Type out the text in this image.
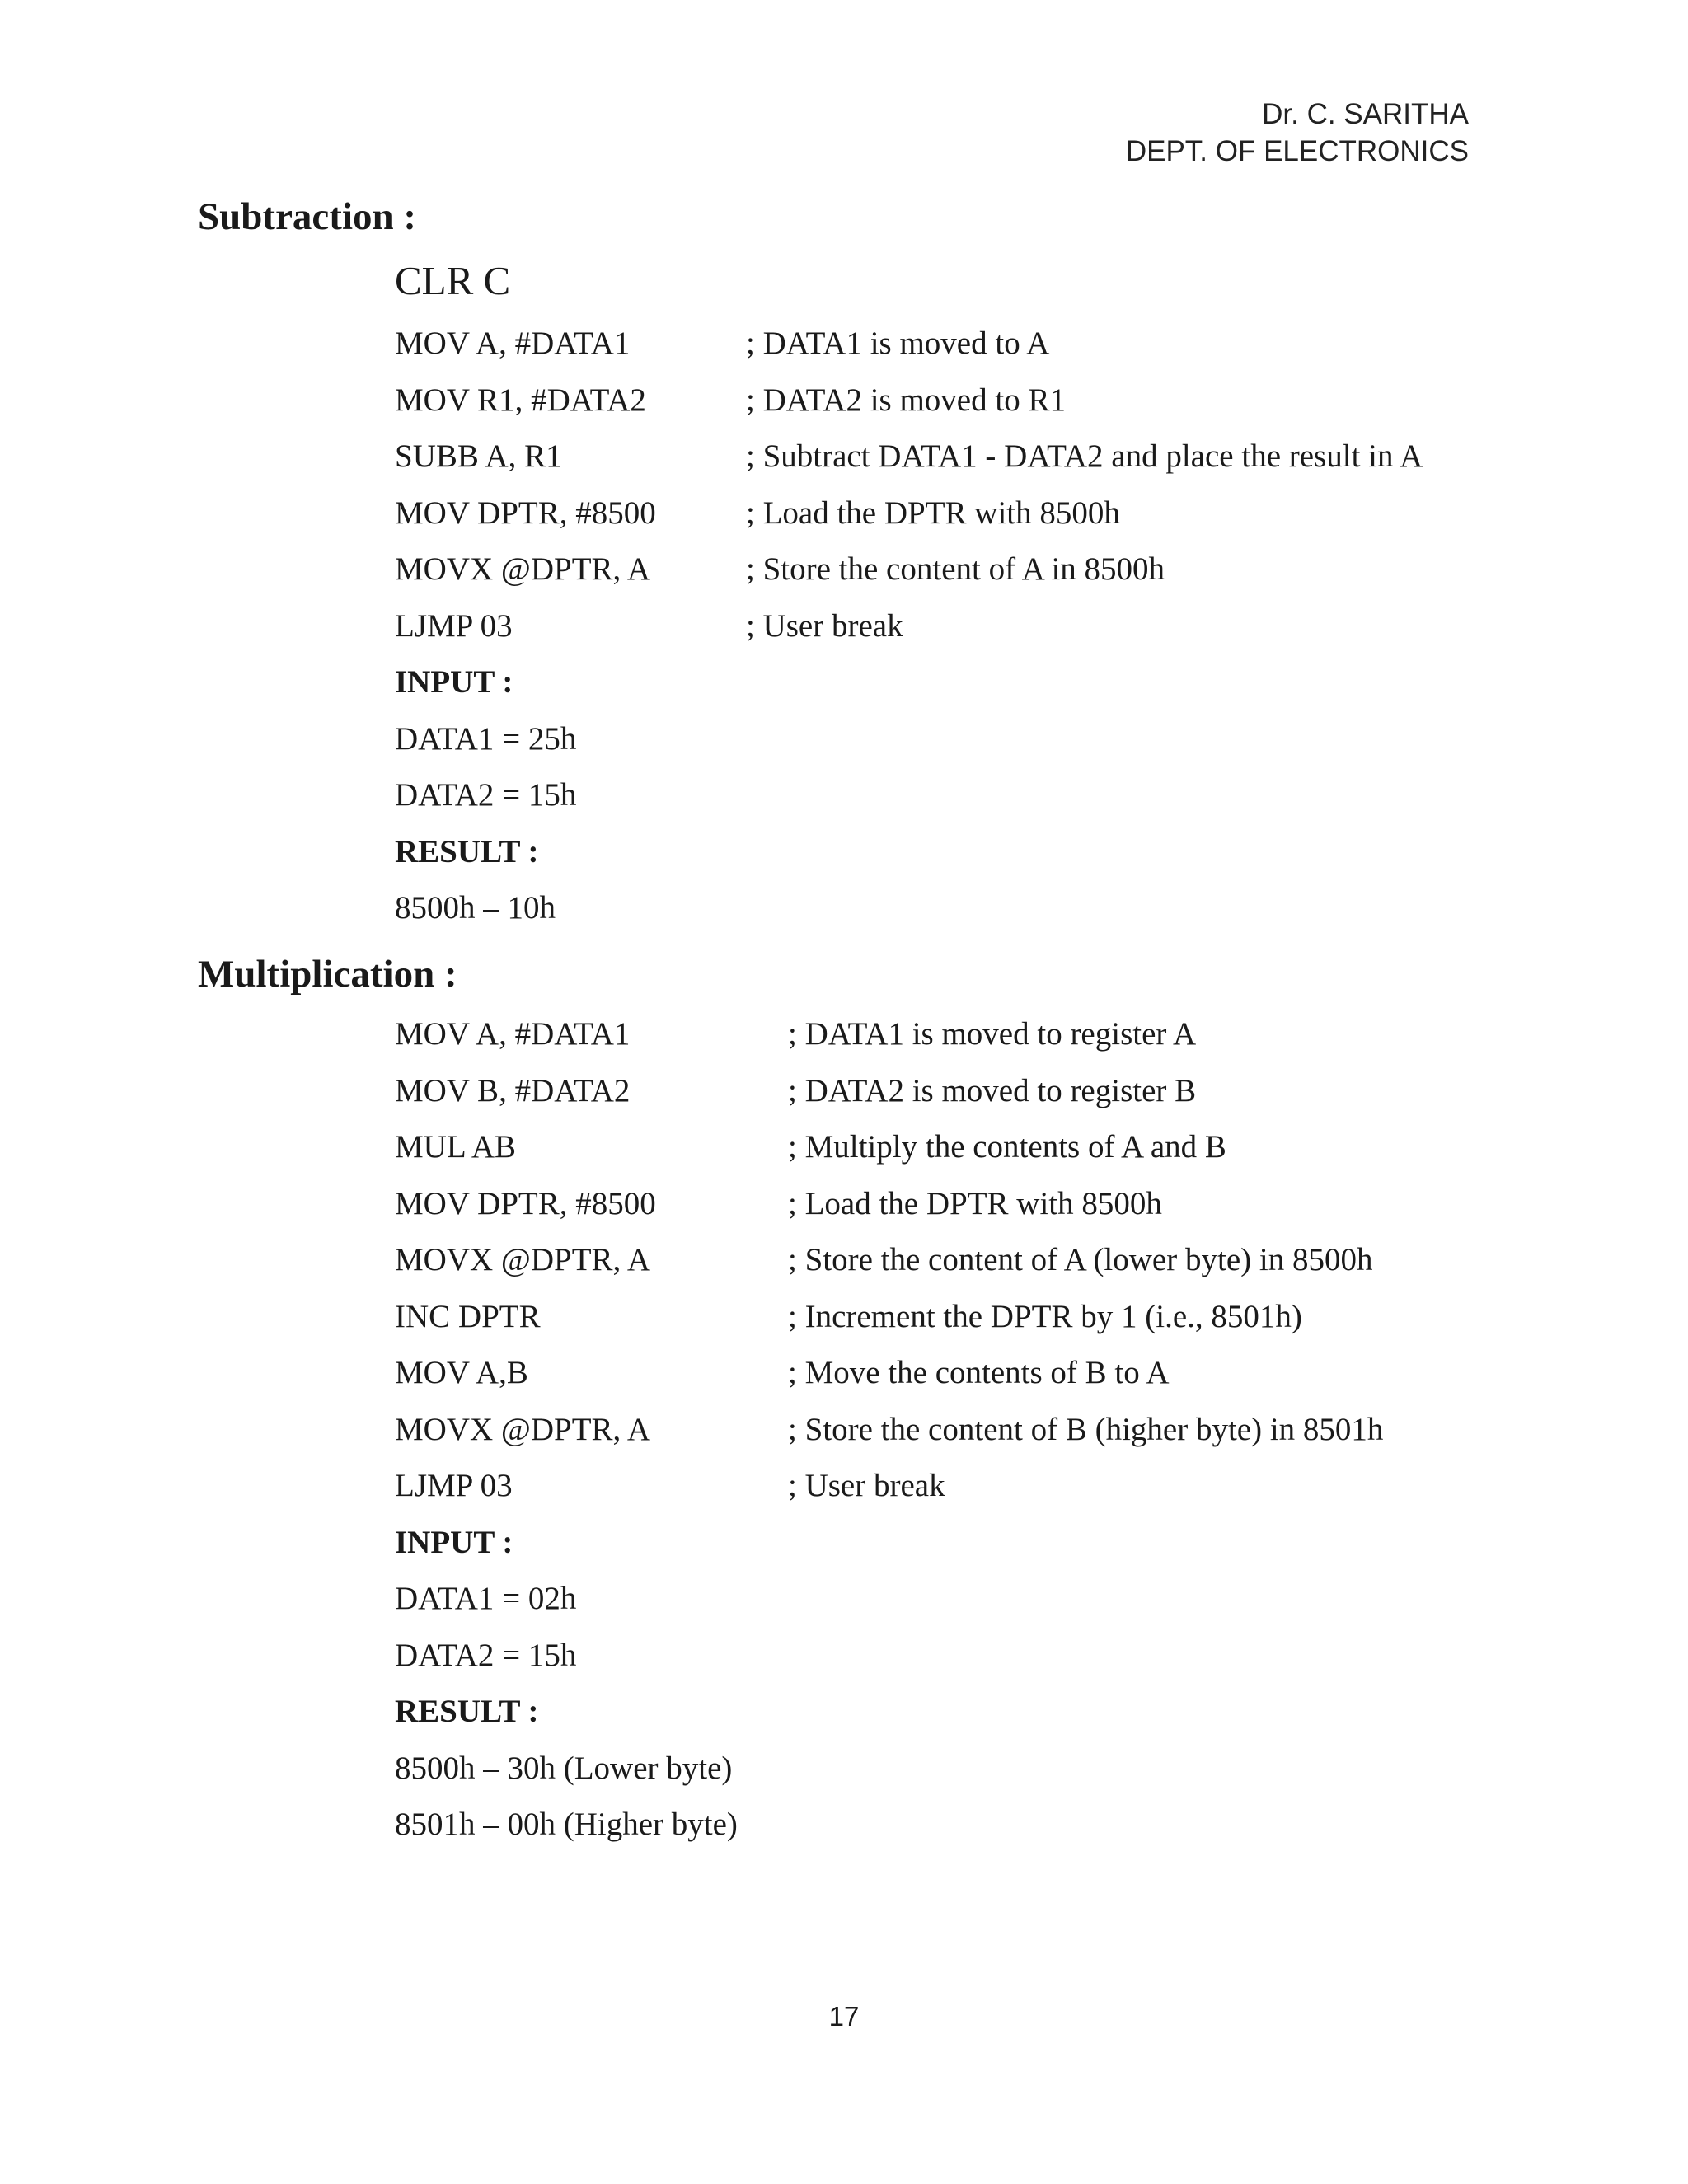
Dr. C. SARITHA
DEPT. OF ELECTRONICS
Subtraction :
CLR C
MOV A, #DATA1	; DATA1 is moved to A
MOV R1, #DATA2	; DATA2 is moved to R1
SUBB A, R1	; Subtract DATA1 - DATA2 and place the result in A
MOV DPTR, #8500	; Load the DPTR with 8500h
MOVX @DPTR, A	; Store the content of A in 8500h
LJMP 03	; User break
INPUT :
DATA1 = 25h
DATA2 = 15h
RESULT :
8500h – 10h
Multiplication :
MOV A, #DATA1	; DATA1 is moved to register A
MOV B, #DATA2	; DATA2 is moved to register B
MUL AB	; Multiply the contents of A and B
MOV DPTR, #8500	; Load the DPTR with 8500h
MOVX @DPTR, A	; Store the content of A (lower byte) in 8500h
INC DPTR	; Increment the DPTR by 1 (i.e., 8501h)
MOV A,B	; Move the contents of B to A
MOVX @DPTR, A	; Store the content of B (higher byte) in 8501h
LJMP 03	; User break
INPUT :
DATA1 = 02h
DATA2 = 15h
RESULT :
8500h – 30h (Lower byte)
8501h – 00h (Higher byte)
17
